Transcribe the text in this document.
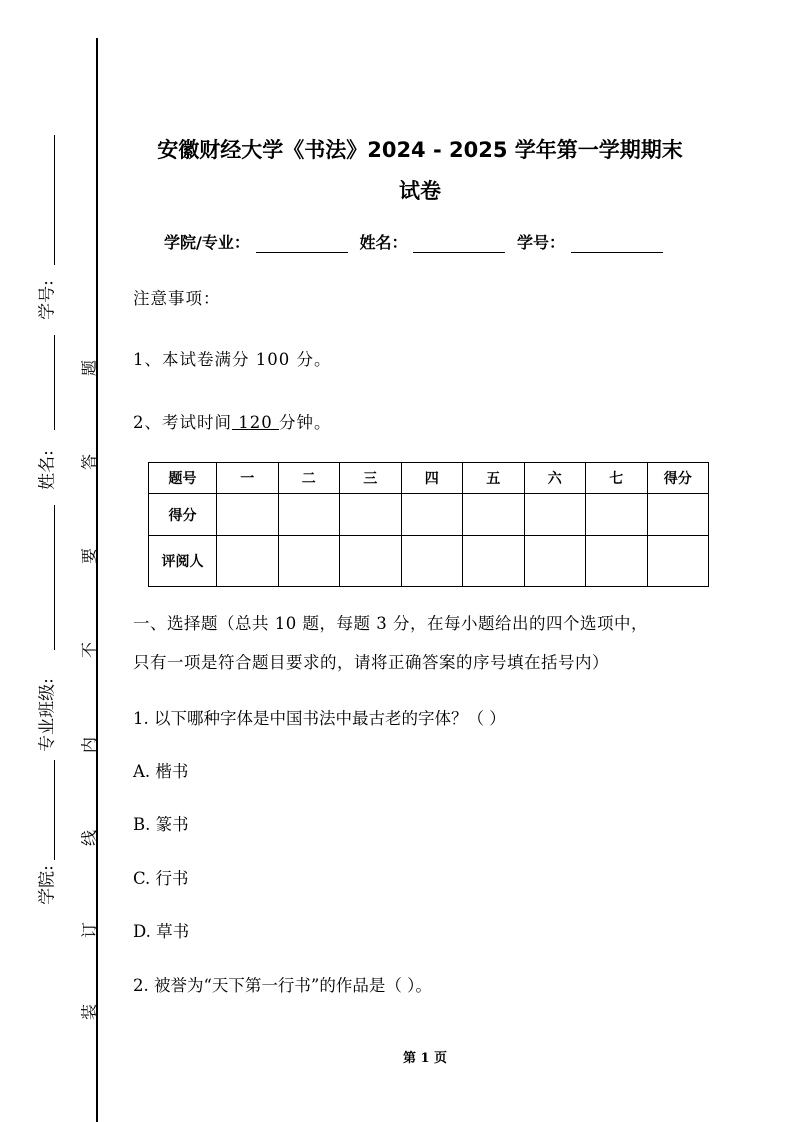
学号:
姓名:
专业班级:
学院:
题
答
要
不
内
线
订
装
安徽财经大学《书法》2024 - 2025 学年第一学期期末
试卷
学院/专业：	姓名：	学号：
注意事项：
1、本试卷满分 100 分。
2、考试时间 120 分钟。
题号	一	二	三	四	五	六	七	得分
得分								
评阅人								
一、选择题（总共 10 题，每题 3 分，在每小题给出的四个选项中，
只有一项是符合题目要求的，请将正确答案的序号填在括号内）
1. 以下哪种字体是中国书法中最古老的字体？（ ）
A. 楷书
B. 篆书
C. 行书
D. 草书
2. 被誉为“天下第一行书”的作品是（ ）。
第 1 页
